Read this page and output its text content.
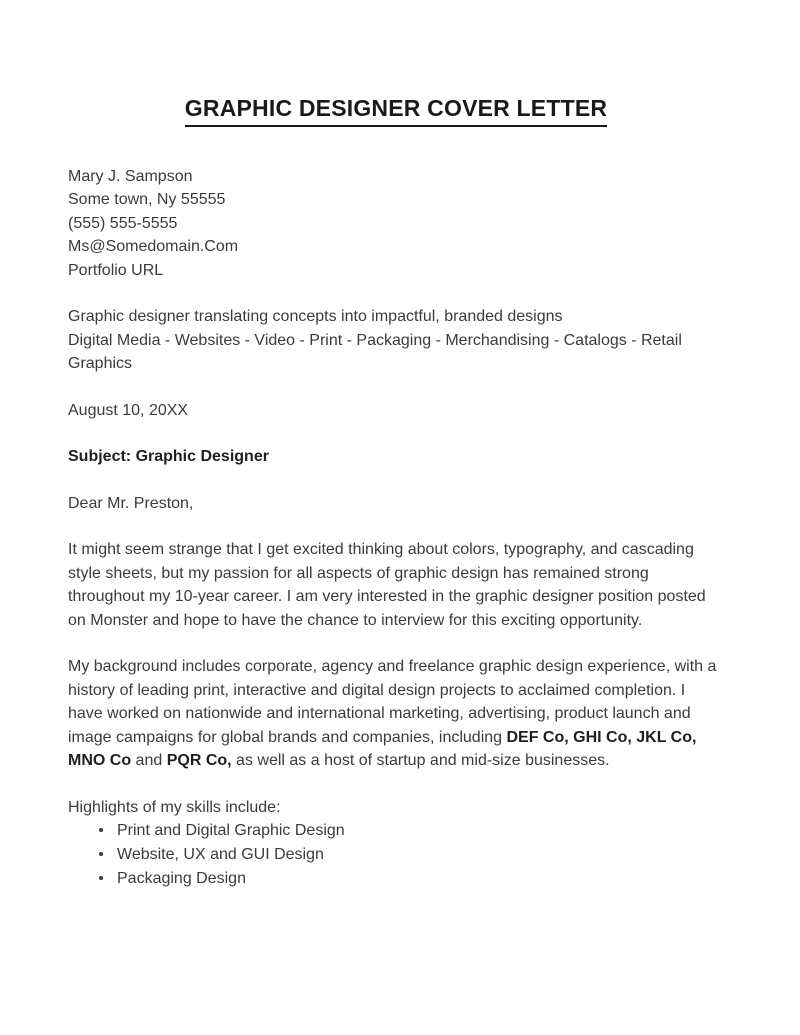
GRAPHIC DESIGNER COVER LETTER
Mary J. Sampson
Some town, Ny 55555
(555) 555-5555
Ms@Somedomain.Com
Portfolio URL
Graphic designer translating concepts into impactful, branded designs
Digital Media - Websites - Video - Print - Packaging - Merchandising - Catalogs - Retail Graphics
August 10, 20XX
Subject: Graphic Designer
Dear Mr. Preston,

It might seem strange that I get excited thinking about colors, typography, and cascading style sheets, but my passion for all aspects of graphic design has remained strong throughout my 10-year career. I am very interested in the graphic designer position posted on Monster and hope to have the chance to interview for this exciting opportunity.

My background includes corporate, agency and freelance graphic design experience, with a history of leading print, interactive and digital design projects to acclaimed completion. I have worked on nationwide and international marketing, advertising, product launch and image campaigns for global brands and companies, including DEF Co, GHI Co, JKL Co, MNO Co and PQR Co, as well as a host of startup and mid-size businesses.

Highlights of my skills include:
Print and Digital Graphic Design
Website, UX and GUI Design
Packaging Design
